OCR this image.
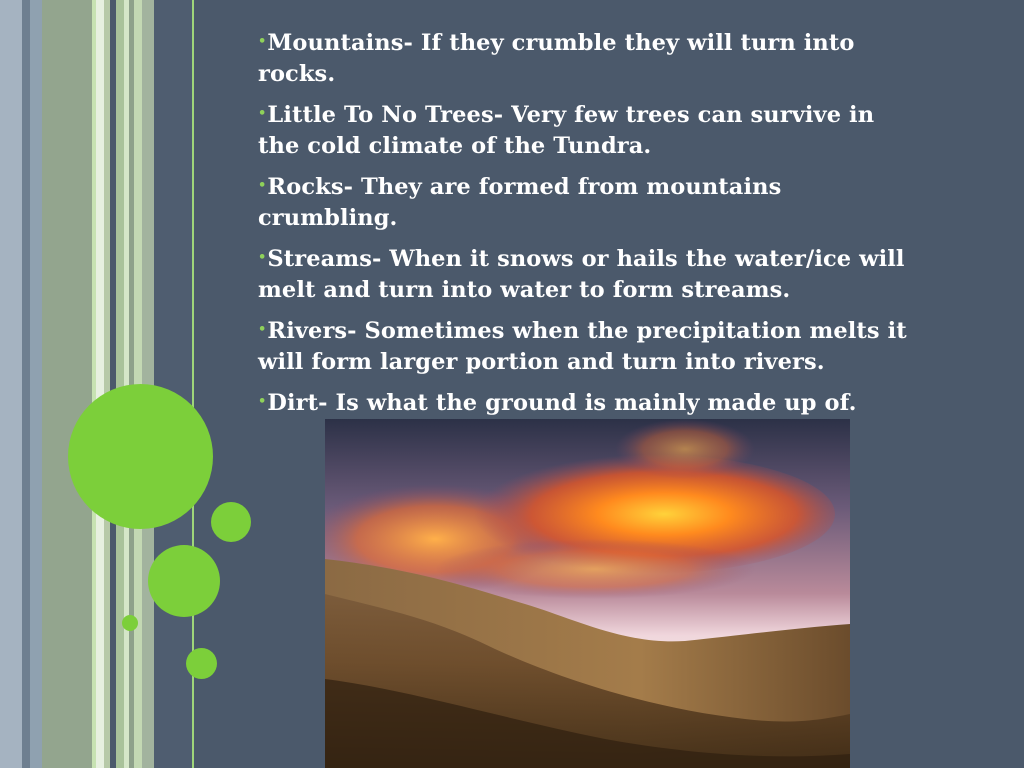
•Mountains- If they crumble they will turn into rocks.
•Little To No Trees- Very few trees can survive in the cold climate of the Tundra.
•Rocks- They are formed from mountains crumbling.
•Streams- When it snows or hails the water/ice will melt and turn into water to form streams.
•Rivers- Sometimes when the precipitation melts it will form larger portion and turn into rivers.
•Dirt- Is what the ground is mainly made up of.
